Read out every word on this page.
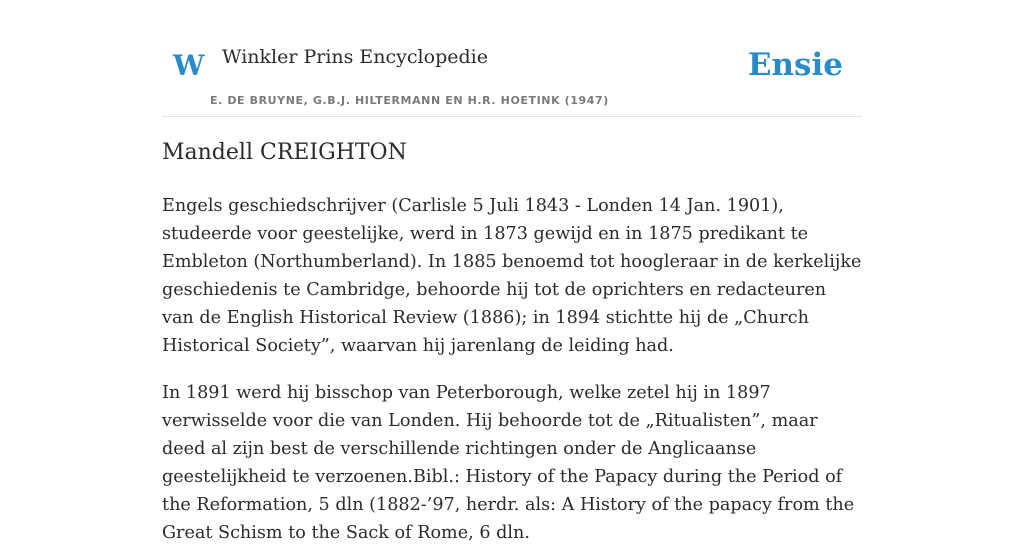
W Winkler Prins Encyclopedie
E. DE BRUYNE, G.B.J. HILTERMANN EN H.R. HOETINK (1947)
Ensie
Mandell CREIGHTON

Engels geschiedschrijver (Carlisle 5 Juli 1843 - Londen 14 Jan. 1901), studeerde voor geestelijke, werd in 1873 gewijd en in 1875 predikant te Embleton (Northumberland). In 1885 benoemd tot hoogleraar in de kerkelijke geschiedenis te Cambridge, behoorde hij tot de oprichters en redacteuren van de English Historical Review (1886); in 1894 stichtte hij de „Church Historical Society”, waarvan hij jarenlang de leiding had.

In 1891 werd hij bisschop van Peterborough, welke zetel hij in 1897 verwisselde voor die van Londen. Hij behoorde tot de „Ritualisten”, maar deed al zijn best de verschillende richtingen onder de Anglicaanse geestelijkheid te verzoenen.Bibl.: History of the Papacy during the Period of the Reformation, 5 dln (1882-’97, herdr. als: A History of the papacy from the Great Schism to the Sack of Rome, 6 dln.
